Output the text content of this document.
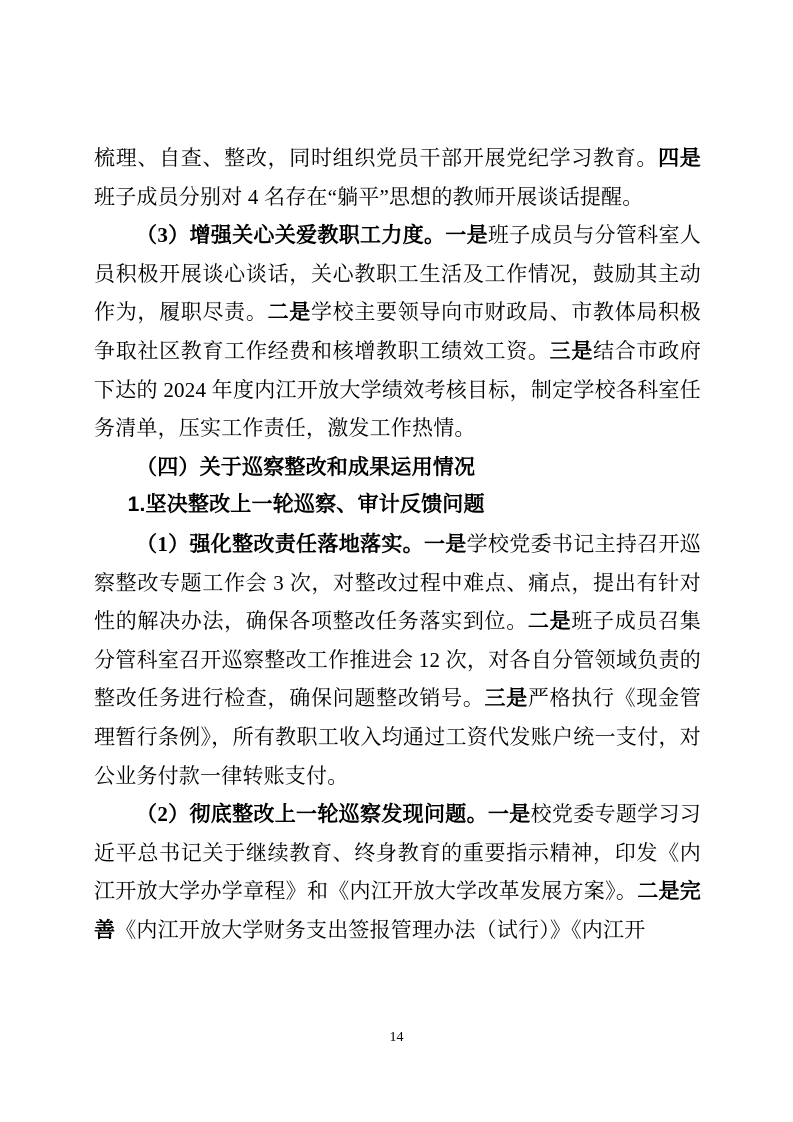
梳理、自查、整改，同时组织党员干部开展党纪学习教育。四是班子成员分别对 4 名存在“躺平”思想的教师开展谈话提醒。

（3）增强关心关爱教职工力度。一是班子成员与分管科室人员积极开展谈心谈话，关心教职工生活及工作情况，鼓励其主动作为，履职尽责。二是学校主要领导向市财政局、市教体局积极争取社区教育工作经费和核增教职工绩效工资。三是结合市政府下达的 2024 年度内江开放大学绩效考核目标，制定学校各科室任务清单，压实工作责任，激发工作热情。

（四）关于巡察整改和成果运用情况

1.坚决整改上一轮巡察、审计反馈问题

（1）强化整改责任落地落实。一是学校党委书记主持召开巡察整改专题工作会 3 次，对整改过程中难点、痛点，提出有针对性的解决办法，确保各项整改任务落实到位。二是班子成员召集分管科室召开巡察整改工作推进会 12 次，对各自分管领域负责的整改任务进行检查，确保问题整改销号。三是严格执行《现金管理暂行条例》，所有教职工收入均通过工资代发账户统一支付，对公业务付款一律转账支付。

（2）彻底整改上一轮巡察发现问题。一是校党委专题学习习近平总书记关于继续教育、终身教育的重要指示精神，印发《内江开放大学办学章程》和《内江开放大学改革发展方案》。二是完善《内江开放大学财务支出签报管理办法（试行）》《内江开

14
